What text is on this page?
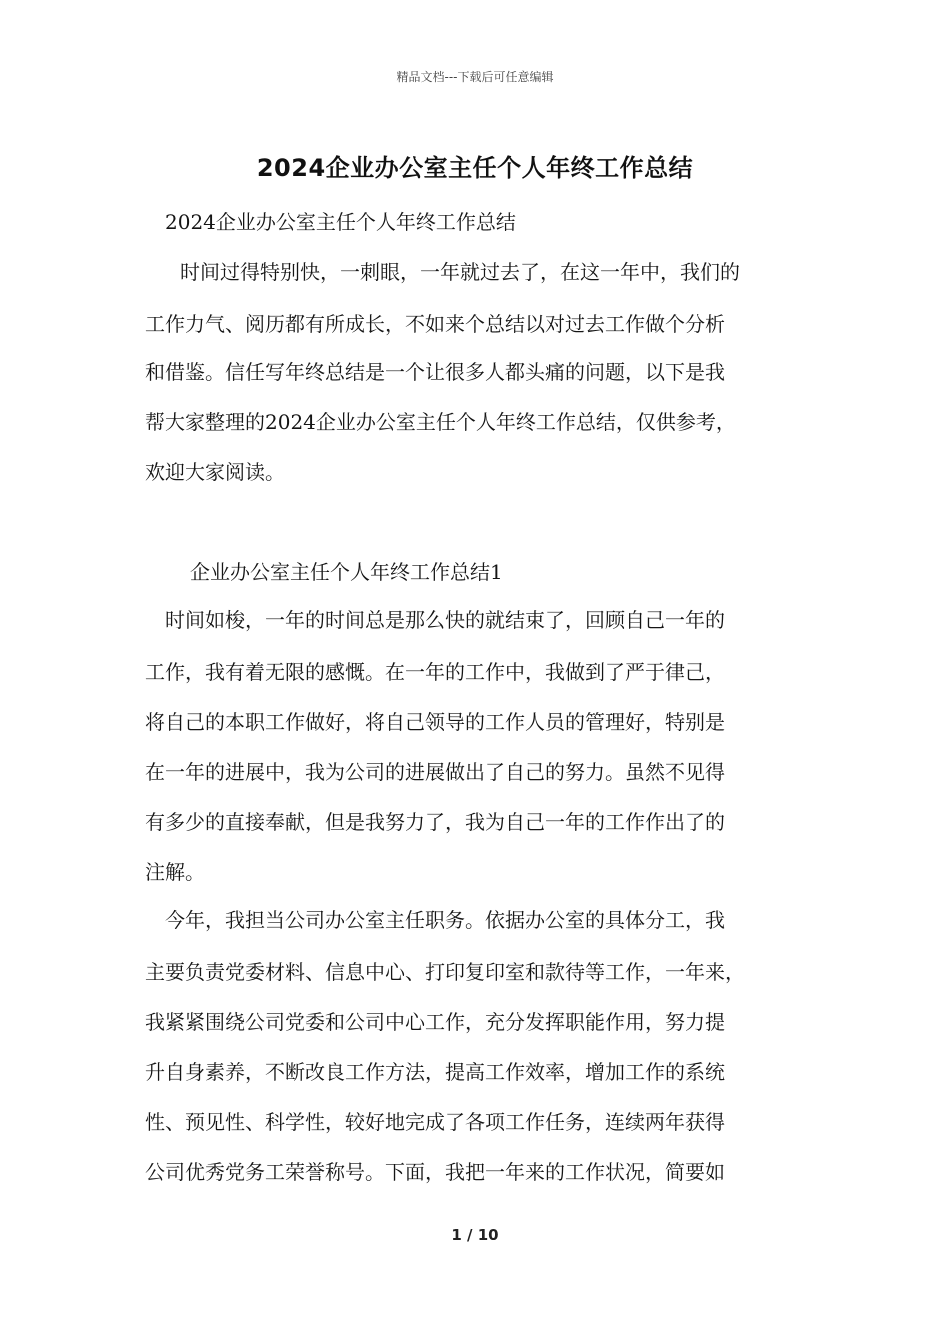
精品文档---下载后可任意编辑
2024企业办公室主任个人年终工作总结
2024企业办公室主任个人年终工作总结
时间过得特别快，一刺眼，一年就过去了，在这一年中，我们的
工作力气、阅历都有所成长，不如来个总结以对过去工作做个分析
和借鉴。信任写年终总结是一个让很多人都头痛的问题，以下是我
帮大家整理的2024企业办公室主任个人年终工作总结，仅供参考，
欢迎大家阅读。
企业办公室主任个人年终工作总结1
时间如梭，一年的时间总是那么快的就结束了，回顾自己一年的
工作，我有着无限的感慨。在一年的工作中，我做到了严于律己，
将自己的本职工作做好，将自己领导的工作人员的管理好，特别是
在一年的进展中，我为公司的进展做出了自己的努力。虽然不见得
有多少的直接奉献，但是我努力了，我为自己一年的工作作出了的
注解。
今年，我担当公司办公室主任职务。依据办公室的具体分工，我
主要负责党委材料、信息中心、打印复印室和款待等工作，一年来，
我紧紧围绕公司党委和公司中心工作，充分发挥职能作用，努力提
升自身素养，不断改良工作方法，提高工作效率，增加工作的系统
性、预见性、科学性，较好地完成了各项工作任务，连续两年获得
公司优秀党务工荣誉称号。下面，我把一年来的工作状况，简要如
1 / 10
